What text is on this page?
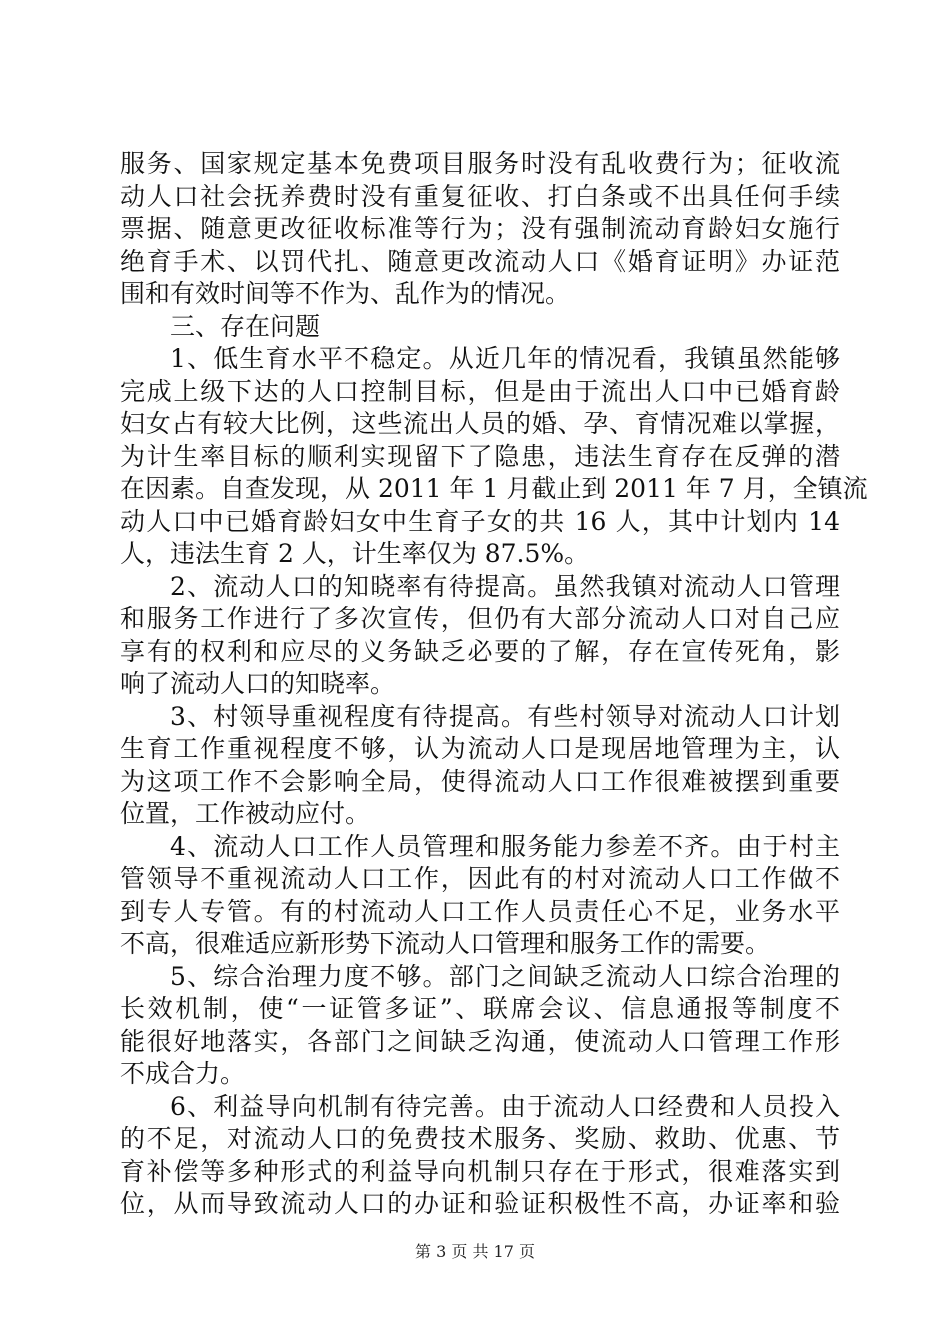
服务、国家规定基本免费项目服务时没有乱收费行为；征收流
动人口社会抚养费时没有重复征收、打白条或不出具任何手续
票据、随意更改征收标准等行为；没有强制流动育龄妇女施行
绝育手术、以罚代扎、随意更改流动人口《婚育证明》办证范
围和有效时间等不作为、乱作为的情况。
三、存在问题
1、低生育水平不稳定。从近几年的情况看，我镇虽然能够
完成上级下达的人口控制目标，但是由于流出人口中已婚育龄
妇女占有较大比例，这些流出人员的婚、孕、育情况难以掌握，
为计生率目标的顺利实现留下了隐患，违法生育存在反弹的潜
在因素。自查发现，从 2011 年 1 月截止到 2011 年 7 月，全镇流
动人口中已婚育龄妇女中生育子女的共 16 人，其中计划内 14
人，违法生育 2 人，计生率仅为 87.5%。
2、流动人口的知晓率有待提高。虽然我镇对流动人口管理
和服务工作进行了多次宣传，但仍有大部分流动人口对自己应
享有的权利和应尽的义务缺乏必要的了解，存在宣传死角，影
响了流动人口的知晓率。
3、村领导重视程度有待提高。有些村领导对流动人口计划
生育工作重视程度不够，认为流动人口是现居地管理为主，认
为这项工作不会影响全局，使得流动人口工作很难被摆到重要
位置，工作被动应付。
4、流动人口工作人员管理和服务能力参差不齐。由于村主
管领导不重视流动人口工作，因此有的村对流动人口工作做不
到专人专管。有的村流动人口工作人员责任心不足，业务水平
不高，很难适应新形势下流动人口管理和服务工作的需要。
5、综合治理力度不够。部门之间缺乏流动人口综合治理的
长效机制，使“一证管多证”、联席会议、信息通报等制度不
能很好地落实，各部门之间缺乏沟通，使流动人口管理工作形
不成合力。
6、利益导向机制有待完善。由于流动人口经费和人员投入
的不足，对流动人口的免费技术服务、奖励、救助、优惠、节
育补偿等多种形式的利益导向机制只存在于形式，很难落实到
位，从而导致流动人口的办证和验证积极性不高，办证率和验
第 3 页 共 17 页
